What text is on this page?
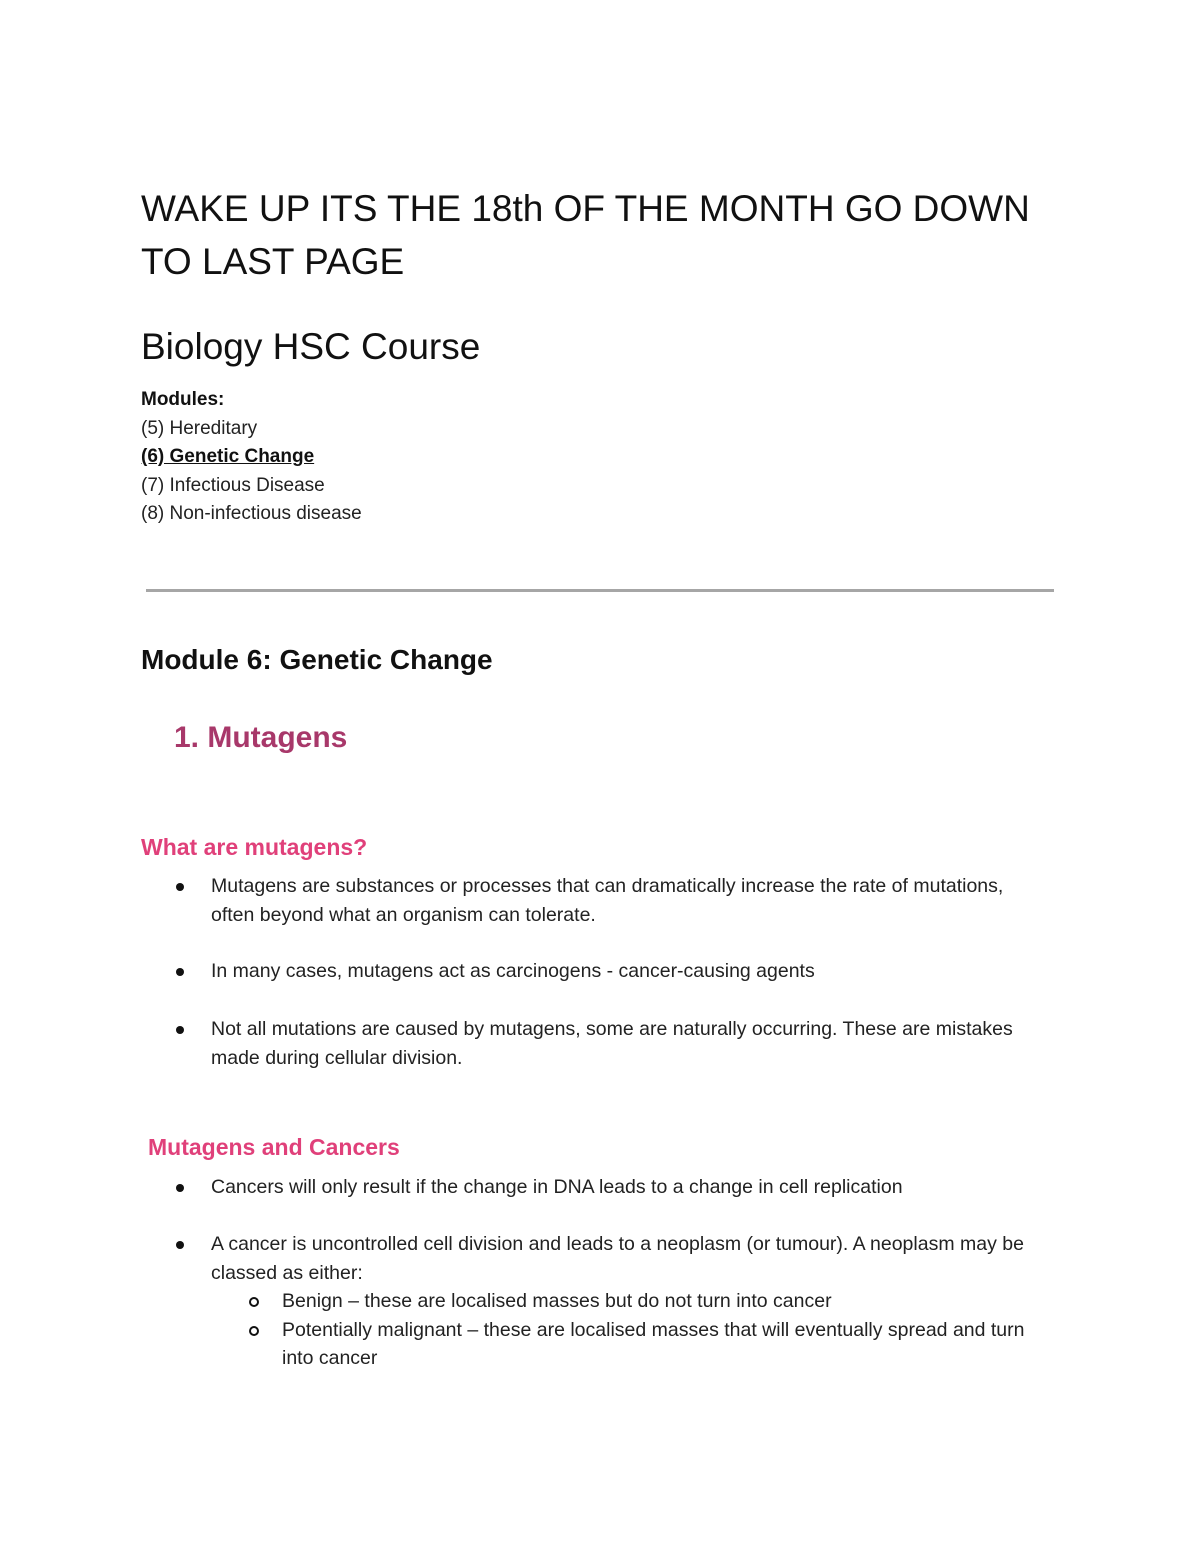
WAKE UP ITS THE 18th OF THE MONTH GO DOWN TO LAST PAGE
Biology HSC Course
Modules:
(5) Hereditary
(6) Genetic Change
(7) Infectious Disease
(8) Non-infectious disease
Module 6: Genetic Change
1. Mutagens
What are mutagens?
Mutagens are substances or processes that can dramatically increase the rate of mutations, often beyond what an organism can tolerate.
In many cases, mutagens act as carcinogens - cancer-causing agents
Not all mutations are caused by mutagens, some are naturally occurring. These are mistakes made during cellular division.
Mutagens and Cancers
Cancers will only result if the change in DNA leads to a change in cell replication
A cancer is uncontrolled cell division and leads to a neoplasm (or tumour). A neoplasm may be classed as either:
Benign – these are localised masses but do not turn into cancer
Potentially malignant – these are localised masses that will eventually spread and turn into cancer
